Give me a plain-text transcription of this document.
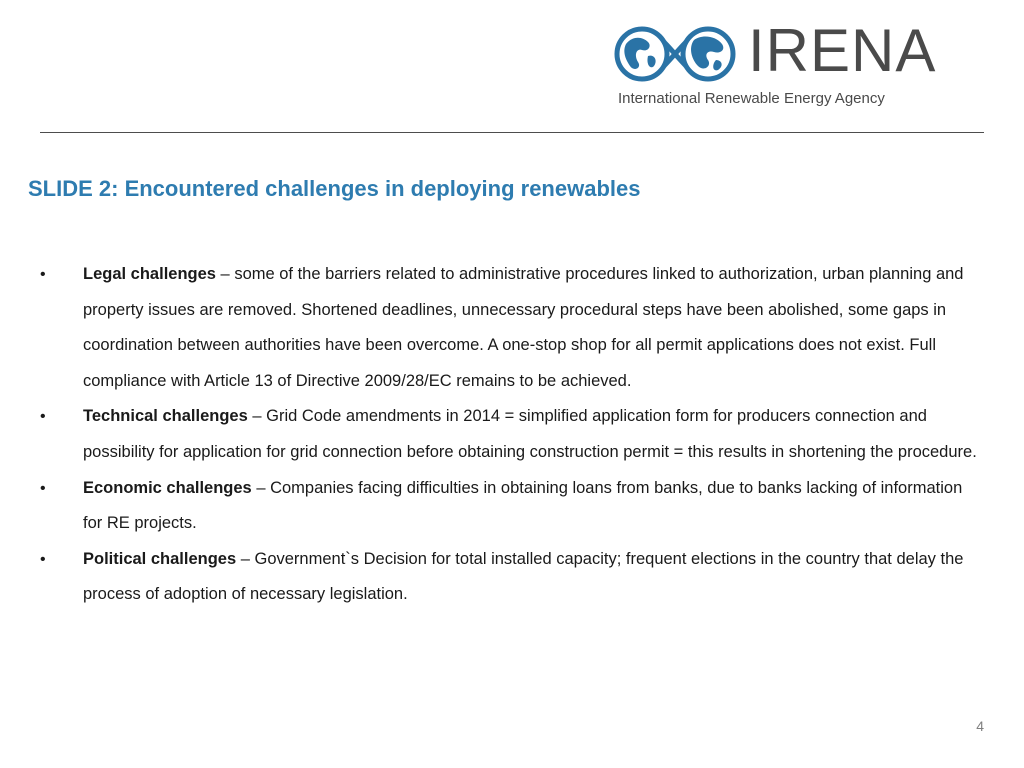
IRENA
International Renewable Energy Agency
SLIDE 2: Encountered challenges in deploying renewables
• Legal challenges – some of the barriers related to administrative procedures linked to authorization, urban planning and property issues are removed. Shortened deadlines, unnecessary procedural steps have been abolished, some gaps in coordination between authorities have been overcome. A one-stop shop for all permit applications does not exist. Full compliance with Article 13 of Directive 2009/28/EC remains to be achieved.
• Technical challenges – Grid Code amendments in 2014 = simplified application form for producers connection and possibility for application for grid connection before obtaining construction permit = this results in shortening the procedure.
• Economic challenges – Companies facing difficulties in obtaining loans from banks, due to banks lacking of information for RE projects.
• Political challenges – Government`s Decision for total installed capacity; frequent elections in the country that delay the process of adoption of necessary legislation.
4
